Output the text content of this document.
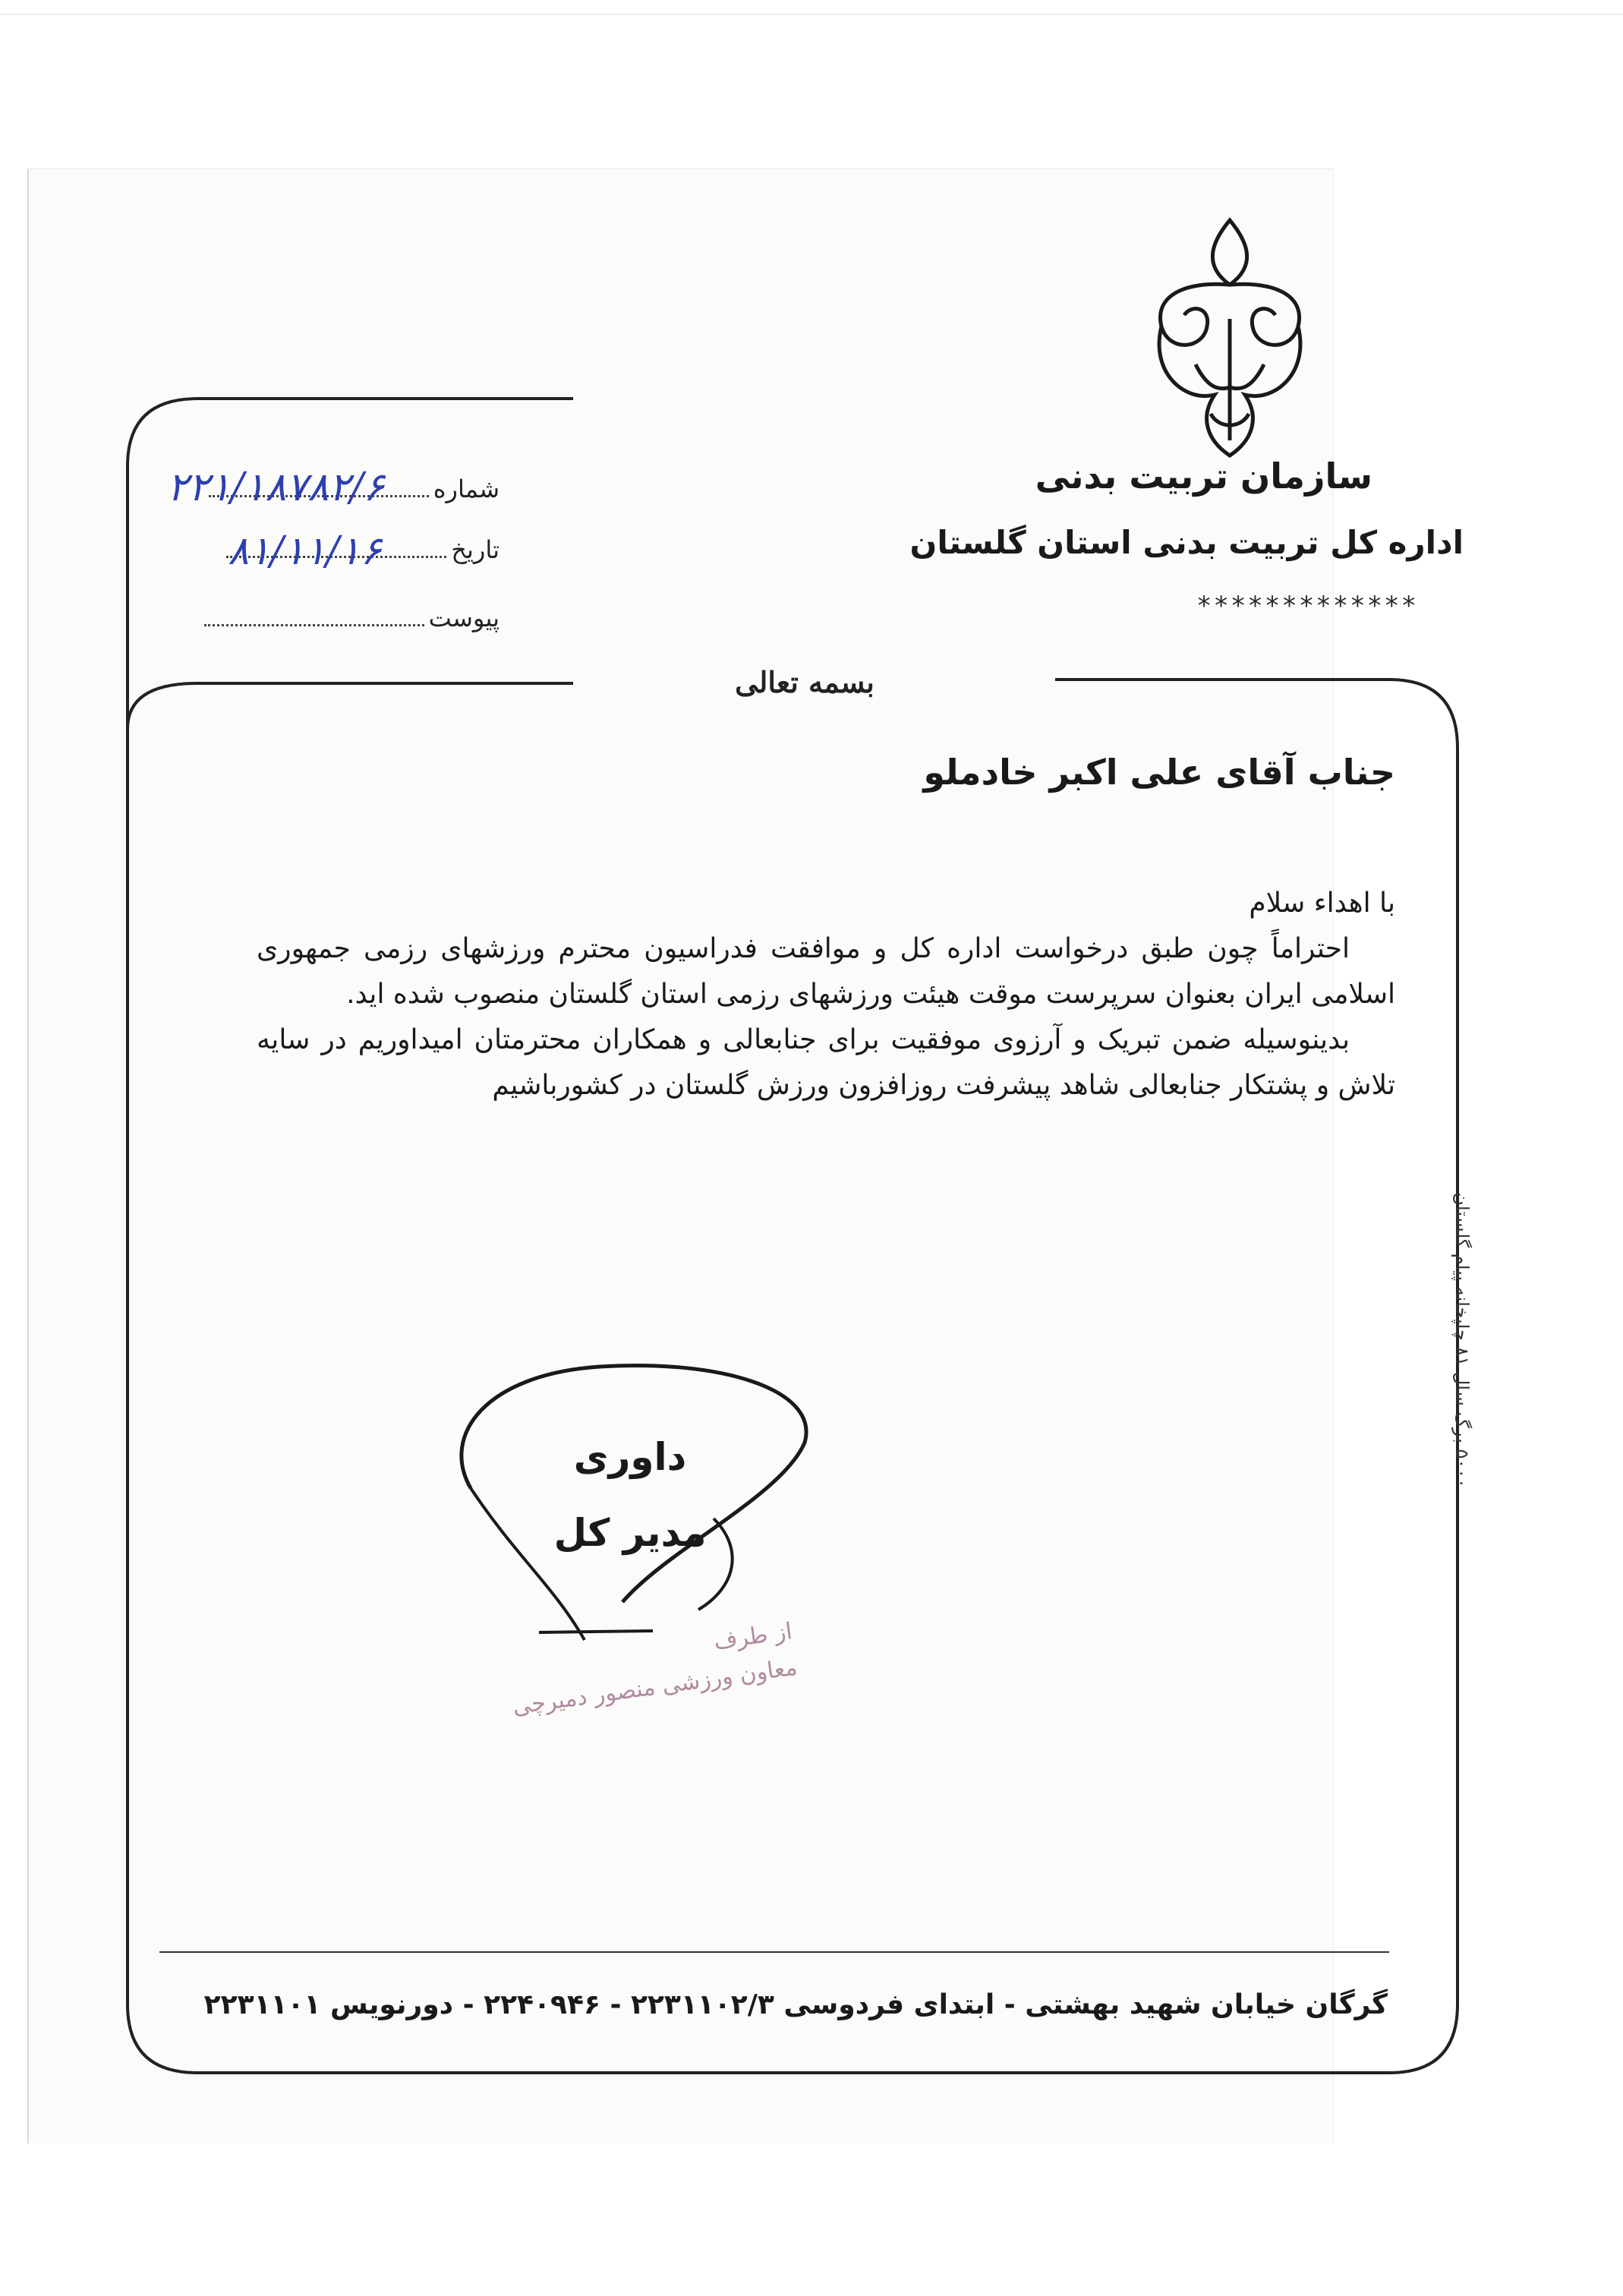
سازمان تربیت بدنی
اداره کل تربیت بدنی استان گلستان
*************
شماره
۲۲۱/۱۸۷۸۲/۶
تاریخ
۸۱/۱۱/۱۶
پیوست
بسمه تعالی
جناب آقای علی اکبر خادملو

با اهداء سلام

احتراماً چون طبق درخواست اداره کل و موافقت فدراسیون محترم ورزشهای رزمی جمهوری اسلامی ایران بعنوان سرپرست موقت هیئت ورزشهای رزمی استان گلستان منصوب شده اید.

بدینوسیله ضمن تبریک و آرزوی موفقیت برای جنابعالی و همکاران محترمتان امیداوریم در سایه تلاش و پشتکار جنابعالی شاهد پیشرفت روزافزون ورزش گلستان در کشورباشیم

داوری
مدیر کل
از طرف
معاون ورزشی منصور دمیرچی
۵۰۰۰ برگ سال ۸۱ چاپخانه پیام گلستان
گرگان خیابان شهید بهشتی - ابتدای فردوسی ۲۲۳۱۱۰۲/۳ - ۲۲۴۰۹۴۶ - دورنویس ۲۲۳۱۱۰۱
